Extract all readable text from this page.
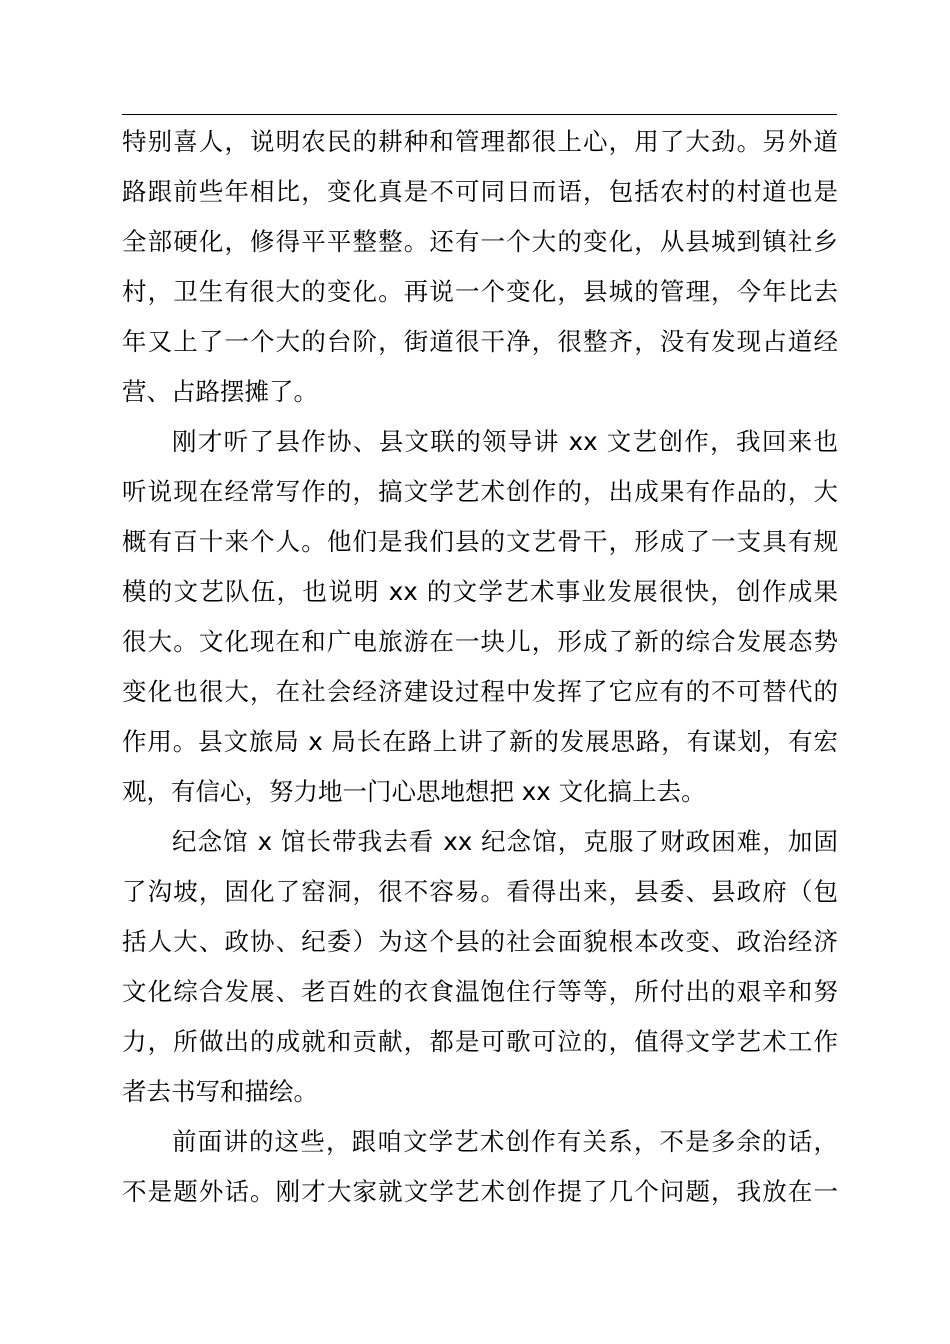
特别喜人，说明农民的耕种和管理都很上心，用了大劲。另外道
路跟前些年相比，变化真是不可同日而语，包括农村的村道也是
全部硬化，修得平平整整。还有一个大的变化，从县城到镇社乡
村，卫生有很大的变化。再说一个变化，县城的管理，今年比去
年又上了一个大的台阶，街道很干净，很整齐，没有发现占道经
营、占路摆摊了。
刚才听了县作协、县文联的领导讲 xx 文艺创作，我回来也
听说现在经常写作的，搞文学艺术创作的，出成果有作品的，大
概有百十来个人。他们是我们县的文艺骨干，形成了一支具有规
模的文艺队伍，也说明 xx 的文学艺术事业发展很快，创作成果
很大。文化现在和广电旅游在一块儿，形成了新的综合发展态势
变化也很大，在社会经济建设过程中发挥了它应有的不可替代的
作用。县文旅局 x 局长在路上讲了新的发展思路，有谋划，有宏
观，有信心，努力地一门心思地想把 xx 文化搞上去。
纪念馆 x 馆长带我去看 xx 纪念馆，克服了财政困难，加固
了沟坡，固化了窑洞，很不容易。看得出来，县委、县政府（包
括人大、政协、纪委）为这个县的社会面貌根本改变、政治经济
文化综合发展、老百姓的衣食温饱住行等等，所付出的艰辛和努
力，所做出的成就和贡献，都是可歌可泣的，值得文学艺术工作
者去书写和描绘。
前面讲的这些，跟咱文学艺术创作有关系，不是多余的话，
不是题外话。刚才大家就文学艺术创作提了几个问题，我放在一
